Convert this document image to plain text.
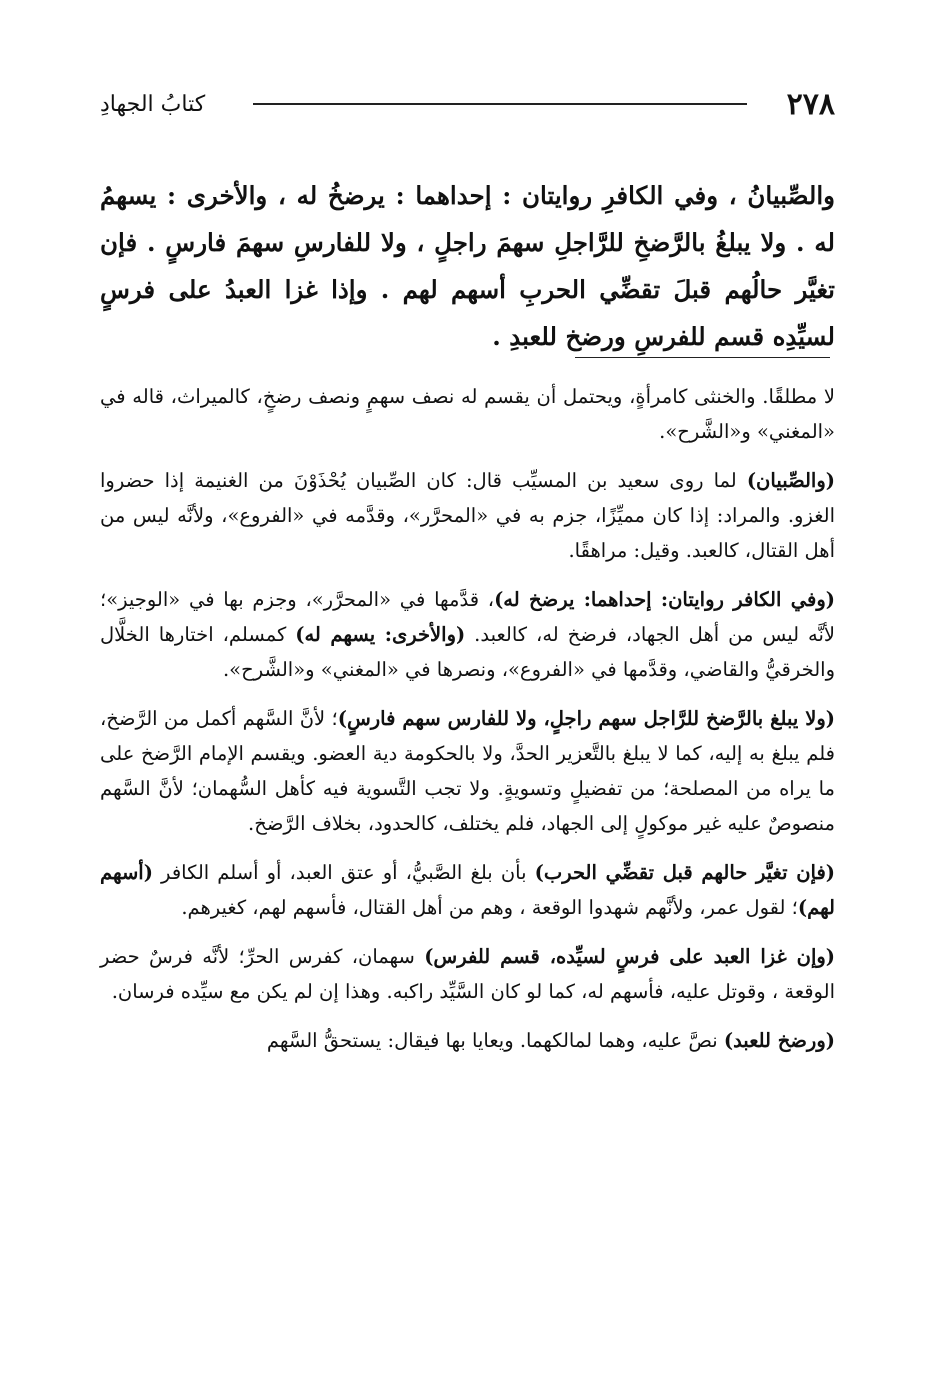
٢٧٨
كتابُ الجهادِ

والصِّبيانُ ، وفي الكافرِ روايتان : إحداهما : يرضخُ له ، والأخرى : يسهمُ له . ولا يبلغُ بالرَّضخِ للرَّاجلِ سهمَ راجلٍ ، ولا للفارسِ سهمَ فارسٍ . فإن تغيَّر حالُهم قبلَ تقضِّي الحربِ أسهم لهم . وإذا غزا العبدُ على فرسٍ لسيِّدِه قسم للفرسِ ورضخ للعبدِ .

لا مطلقًا. والخنثى كامرأةٍ، ويحتمل أن يقسم له نصف سهمٍ ونصف رضخٍ، كالميراث، قاله في «المغني» و«الشَّرح».

(والصِّبيان) لما روى سعيد بن المسيِّب قال: كان الصِّبيان يُحْذَوْنَ من الغنيمة إذا حضروا الغزو. والمراد: إذا كان مميِّزًا، جزم به في «المحرَّر»، وقدَّمه في «الفروع»، ولأنَّه ليس من أهل القتال، كالعبد. وقيل: مراهقًا.

(وفي الكافر روايتان: إحداهما: يرضخ له)، قدَّمها في «المحرَّر»، وجزم بها في «الوجيز»؛ لأنَّه ليس من أهل الجهاد، فرضخ له، كالعبد. (والأخرى: يسهم له) كمسلم، اختارها الخلَّال والخرقيُّ والقاضي، وقدَّمها في «الفروع»، ونصرها في «المغني» و«الشَّرح».

(ولا يبلغ بالرَّضخ للرَّاجل سهم راجلٍ، ولا للفارس سهم فارسٍ)؛ لأنَّ السَّهم أكمل من الرَّضخ، فلم يبلغ به إليه، كما لا يبلغ بالتَّعزير الحدَّ، ولا بالحكومة دية العضو. ويقسم الإمام الرَّضخ على ما يراه من المصلحة؛ من تفضيلٍ وتسويةٍ. ولا تجب التَّسوية فيه كأهل السُّهمان؛ لأنَّ السَّهم منصوصٌ عليه غير موكولٍ إلى الجهاد، فلم يختلف، كالحدود، بخلاف الرَّضخ.

(فإن تغيَّر حالهم قبل تقضِّي الحرب) بأن بلغ الصَّبيُّ، أو عتق العبد، أو أسلم الكافر (أسهم لهم)؛ لقول عمر، ولأنَّهم شهدوا الوقعة ، وهم من أهل القتال، فأسهم لهم، كغيرهم.

(وإن غزا العبد على فرسٍ لسيِّده، قسم للفرس) سهمان، كفرس الحرِّ؛ لأنَّه فرسٌ حضر الوقعة ، وقوتل عليه، فأسهم له، كما لو كان السَّيِّد راكبه. وهذا إن لم يكن مع سيِّده فرسان.

(ورضخ للعبد) نصَّ عليه، وهما لمالكهما. ويعايا بها فيقال: يستحقُّ السَّهم
